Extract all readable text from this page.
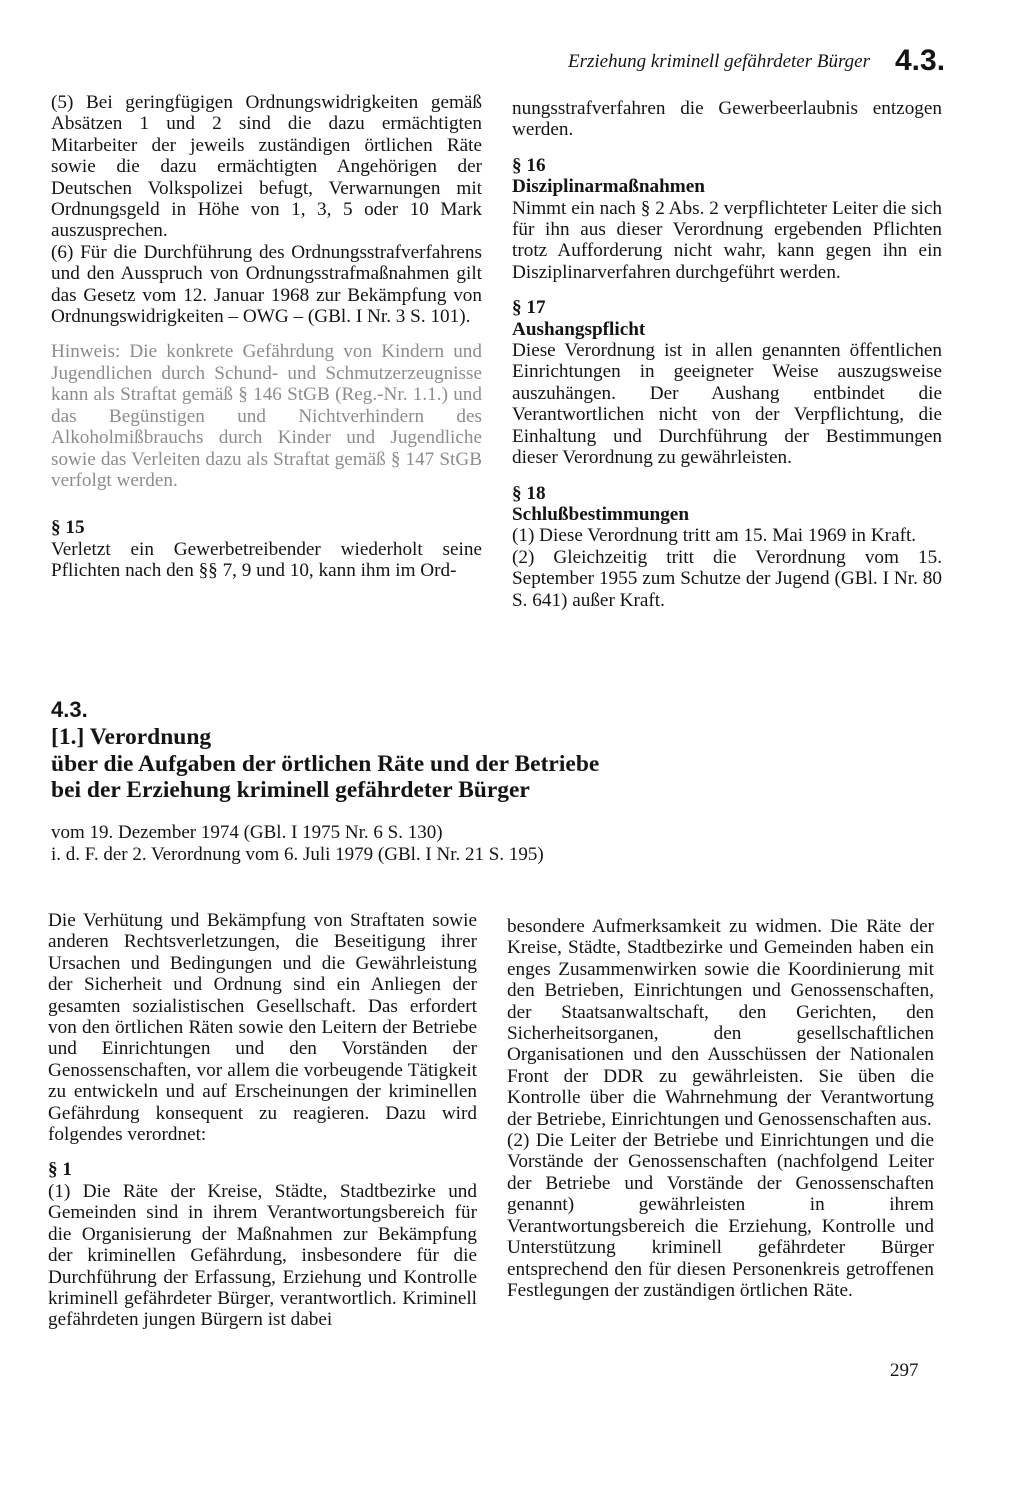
Erziehung kriminell gefährdeter Bürger 4.3.

(5) Bei geringfügigen Ordnungswidrigkeiten gemäß Absätzen 1 und 2 sind die dazu ermächtigten Mitarbeiter der jeweils zuständigen örtlichen Räte sowie die dazu ermächtigten Angehörigen der Deutschen Volkspolizei befugt, Verwarnungen mit Ordnungsgeld in Höhe von 1, 3, 5 oder 10 Mark auszusprechen.

(6) Für die Durchführung des Ordnungsstrafverfahrens und den Ausspruch von Ordnungsstrafmaßnahmen gilt das Gesetz vom 12. Januar 1968 zur Bekämpfung von Ordnungswidrigkeiten – OWG – (GBl. I Nr. 3 S. 101).

Hinweis: Die konkrete Gefährdung von Kindern und Jugendlichen durch Schund- und Schmutzerzeugnisse kann als Straftat gemäß § 146 StGB (Reg.-Nr. 1.1.) und das Begünstigen und Nichtverhindern des Alkoholmißbrauchs durch Kinder und Jugendliche sowie das Verleiten dazu als Straftat gemäß § 147 StGB verfolgt werden.

§ 15

Verletzt ein Gewerbetreibender wiederholt seine Pflichten nach den §§ 7, 9 und 10, kann ihm im Ord-

nungsstrafverfahren die Gewerbeerlaubnis entzogen werden.

§ 16

Disziplinarmaßnahmen

Nimmt ein nach § 2 Abs. 2 verpflichteter Leiter die sich für ihn aus dieser Verordnung ergebenden Pflichten trotz Aufforderung nicht wahr, kann gegen ihn ein Disziplinarverfahren durchgeführt werden.

§ 17

Aushangspflicht

Diese Verordnung ist in allen genannten öffentlichen Einrichtungen in geeigneter Weise auszugsweise auszuhängen. Der Aushang entbindet die Verantwortlichen nicht von der Verpflichtung, die Einhaltung und Durchführung der Bestimmungen dieser Verordnung zu gewährleisten.

§ 18

Schlußbestimmungen

(1) Diese Verordnung tritt am 15. Mai 1969 in Kraft.

(2) Gleichzeitig tritt die Verordnung vom 15. September 1955 zum Schutze der Jugend (GBl. I Nr. 80 S. 641) außer Kraft.

4.3.

[1.] Verordnung

über die Aufgaben der örtlichen Räte und der Betriebe

bei der Erziehung kriminell gefährdeter Bürger

vom 19. Dezember 1974 (GBl. I 1975 Nr. 6 S. 130)
i. d. F. der 2. Verordnung vom 6. Juli 1979 (GBl. I Nr. 21 S. 195)

Die Verhütung und Bekämpfung von Straftaten sowie anderen Rechtsverletzungen, die Beseitigung ihrer Ursachen und Bedingungen und die Gewährleistung der Sicherheit und Ordnung sind ein Anliegen der gesamten sozialistischen Gesellschaft. Das erfordert von den örtlichen Räten sowie den Leitern der Betriebe und Einrichtungen und den Vorständen der Genossenschaften, vor allem die vorbeugende Tätigkeit zu entwickeln und auf Erscheinungen der kriminellen Gefährdung konsequent zu reagieren. Dazu wird folgendes verordnet:

§ 1

(1) Die Räte der Kreise, Städte, Stadtbezirke und Gemeinden sind in ihrem Verantwortungsbereich für die Organisierung der Maßnahmen zur Bekämpfung der kriminellen Gefährdung, insbesondere für die Durchführung der Erfassung, Erziehung und Kontrolle kriminell gefährdeter Bürger, verantwortlich. Kriminell gefährdeten jungen Bürgern ist dabei

besondere Aufmerksamkeit zu widmen. Die Räte der Kreise, Städte, Stadtbezirke und Gemeinden haben ein enges Zusammenwirken sowie die Koordinierung mit den Betrieben, Einrichtungen und Genossenschaften, der Staatsanwaltschaft, den Gerichten, den Sicherheitsorganen, den gesellschaftlichen Organisationen und den Ausschüssen der Nationalen Front der DDR zu gewährleisten. Sie üben die Kontrolle über die Wahrnehmung der Verantwortung der Betriebe, Einrichtungen und Genossenschaften aus.

(2) Die Leiter der Betriebe und Einrichtungen und die Vorstände der Genossenschaften (nachfolgend Leiter der Betriebe und Vorstände der Genossenschaften genannt) gewährleisten in ihrem Verantwortungsbereich die Erziehung, Kontrolle und Unterstützung kriminell gefährdeter Bürger entsprechend den für diesen Personenkreis getroffenen Festlegungen der zuständigen örtlichen Räte.

297
